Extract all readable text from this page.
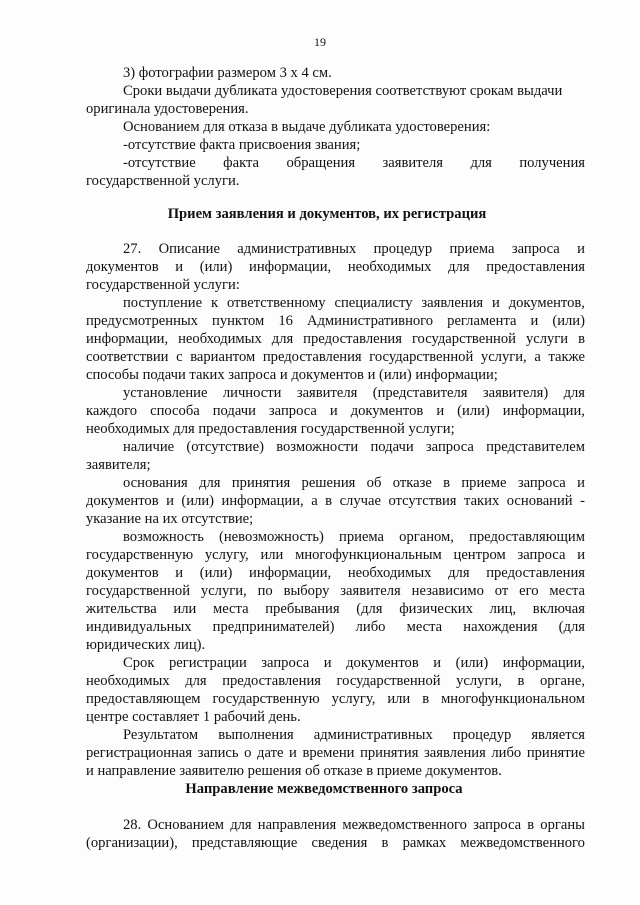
19
3) фотографии размером 3 х 4 см.
Сроки выдачи дубликата удостоверения соответствуют срокам выдачи
оригинала удостоверения.
Основанием для отказа в выдаче дубликата удостоверения:
-отсутствие факта присвоения звания;
-отсутствие факта обращения заявителя для получения
государственной услуги.
Прием заявления и документов, их регистрация
27. Описание административных процедур приема запроса и
документов и (или) информации, необходимых для предоставления
государственной услуги:
поступление к ответственному специалисту заявления и документов,
предусмотренных пунктом 16 Административного регламента и (или)
информации, необходимых для предоставления государственной услуги в
соответствии с вариантом предоставления государственной услуги, а также
способы подачи таких запроса и документов и (или) информации;
установление личности заявителя (представителя заявителя) для
каждого способа подачи запроса и документов и (или) информации,
необходимых для предоставления государственной услуги;
наличие (отсутствие) возможности подачи запроса представителем
заявителя;
основания для принятия решения об отказе в приеме запроса и
документов и (или) информации, а в случае отсутствия таких оснований -
указание на их отсутствие;
возможность (невозможность) приема органом, предоставляющим
государственную услугу, или многофункциональным центром запроса и
документов и (или) информации, необходимых для предоставления
государственной услуги, по выбору заявителя независимо от его места
жительства или места пребывания (для физических лиц, включая
индивидуальных предпринимателей) либо места нахождения (для
юридических лиц).
Срок регистрации запроса и документов и (или) информации,
необходимых для предоставления государственной услуги, в органе,
предоставляющем государственную услугу, или в многофункциональном
центре составляет 1 рабочий день.
Результатом выполнения административных процедур является
регистрационная запись о дате и времени принятия заявления либо принятие
и направление заявителю решения об отказе в приеме документов.
Направление межведомственного запроса
28. Основанием для направления межведомственного запроса в органы
(организации), представляющие сведения в рамках межведомственного
